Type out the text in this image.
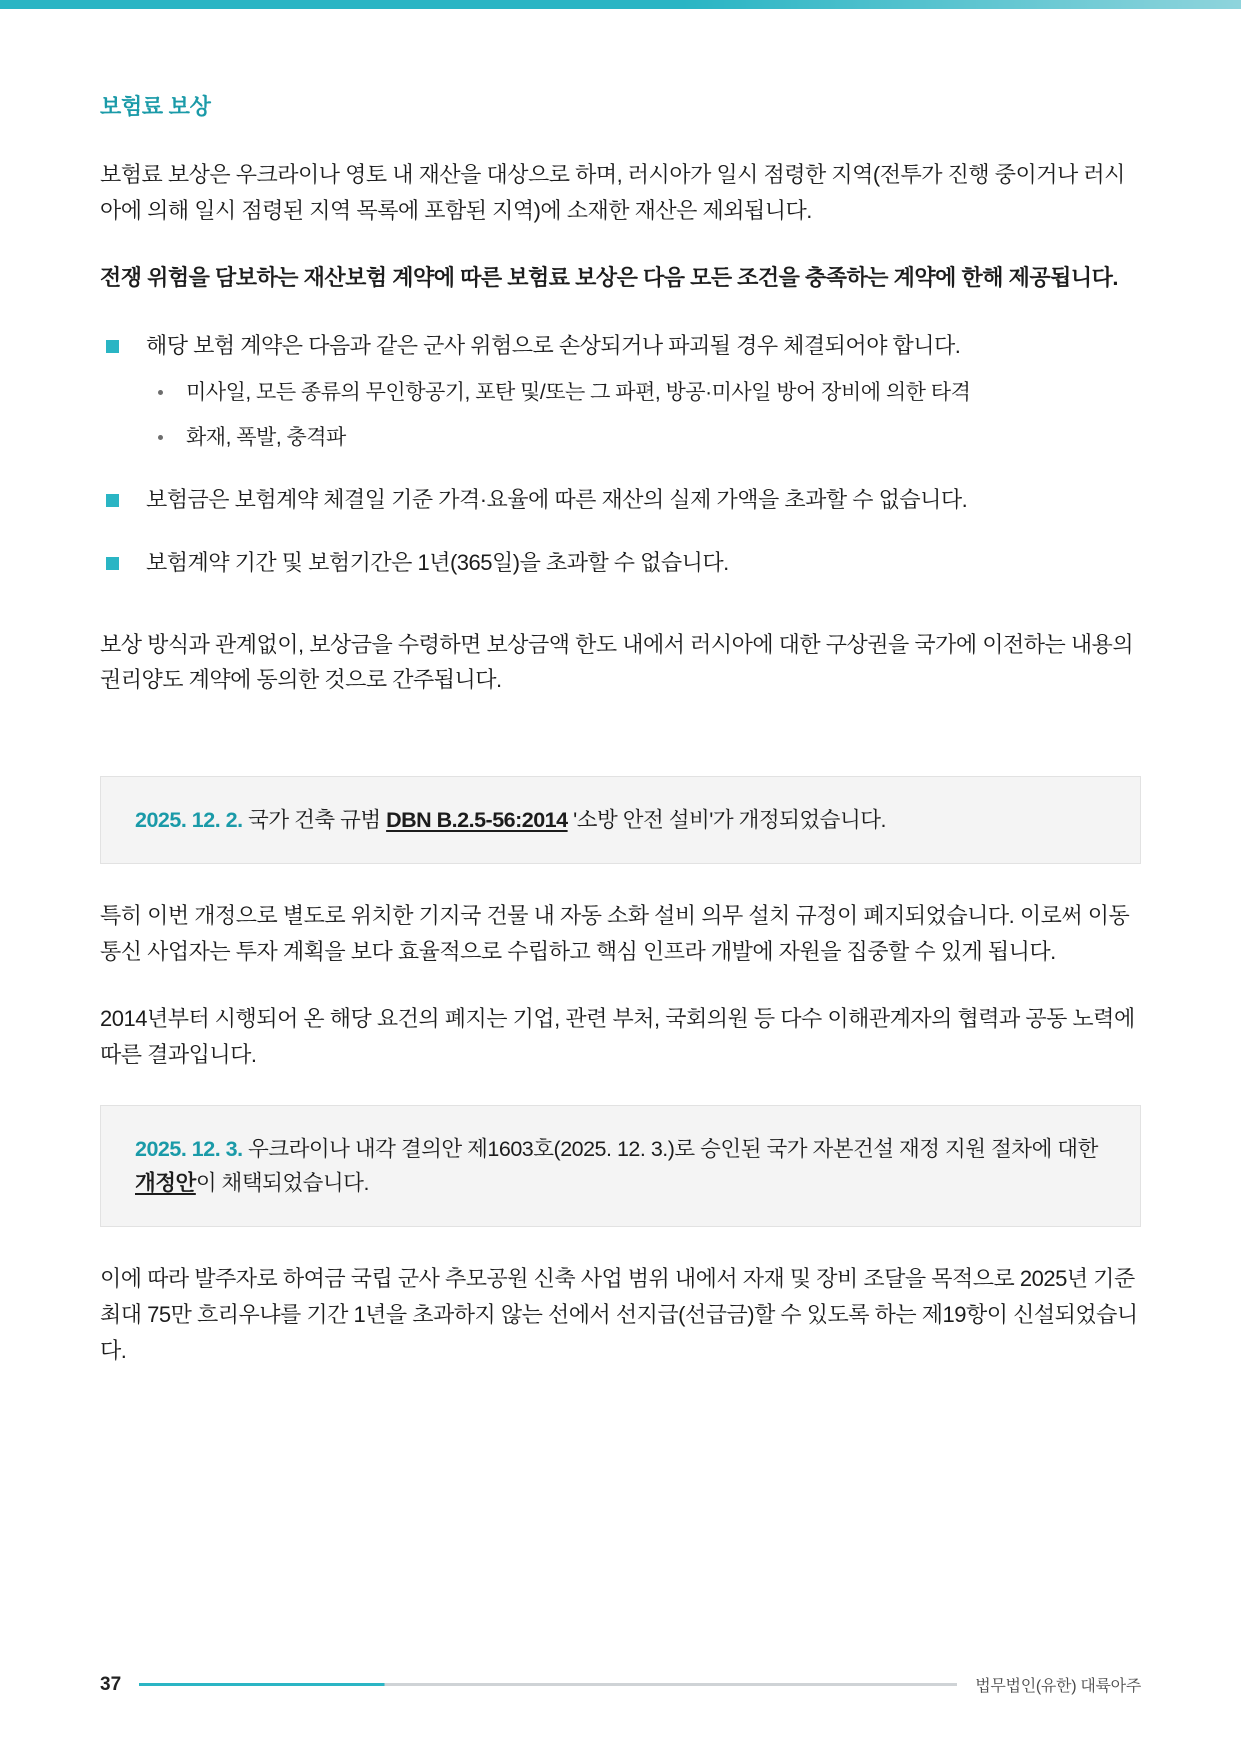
보험료 보상

보험료 보상은 우크라이나 영토 내 재산을 대상으로 하며, 러시아가 일시 점령한 지역(전투가 진행 중이거나 러시아에 의해 일시 점령된 지역 목록에 포함된 지역)에 소재한 재산은 제외됩니다.

전쟁 위험을 담보하는 재산보험 계약에 따른 보험료 보상은 다음 모든 조건을 충족하는 계약에 한해 제공됩니다.

해당 보험 계약은 다음과 같은 군사 위험으로 손상되거나 파괴될 경우 체결되어야 합니다.
미사일, 모든 종류의 무인항공기, 포탄 및/또는 그 파편, 방공·미사일 방어 장비에 의한 타격
화재, 폭발, 충격파
보험금은 보험계약 체결일 기준 가격·요율에 따른 재산의 실제 가액을 초과할 수 없습니다.
보험계약 기간 및 보험기간은 1년(365일)을 초과할 수 없습니다.

보상 방식과 관계없이, 보상금을 수령하면 보상금액 한도 내에서 러시아에 대한 구상권을 국가에 이전하는 내용의 권리양도 계약에 동의한 것으로 간주됩니다.

2025. 12. 2. 국가 건축 규범 DBN B.2.5-56:2014 '소방 안전 설비'가 개정되었습니다.

특히 이번 개정으로 별도로 위치한 기지국 건물 내 자동 소화 설비 의무 설치 규정이 폐지되었습니다. 이로써 이동통신 사업자는 투자 계획을 보다 효율적으로 수립하고 핵심 인프라 개발에 자원을 집중할 수 있게 됩니다.

2014년부터 시행되어 온 해당 요건의 폐지는 기업, 관련 부처, 국회의원 등 다수 이해관계자의 협력과 공동 노력에 따른 결과입니다.

2025. 12. 3. 우크라이나 내각 결의안 제1603호(2025. 12. 3.)로 승인된 국가 자본건설 재정 지원 절차에 대한 개정안이 채택되었습니다.

이에 따라 발주자로 하여금 국립 군사 추모공원 신축 사업 범위 내에서 자재 및 장비 조달을 목적으로 2025년 기준 최대 75만 흐리우냐를 기간 1년을 초과하지 않는 선에서 선지급(선급금)할 수 있도록 하는 제19항이 신설되었습니다.

37	법무법인(유한) 대륙아주
